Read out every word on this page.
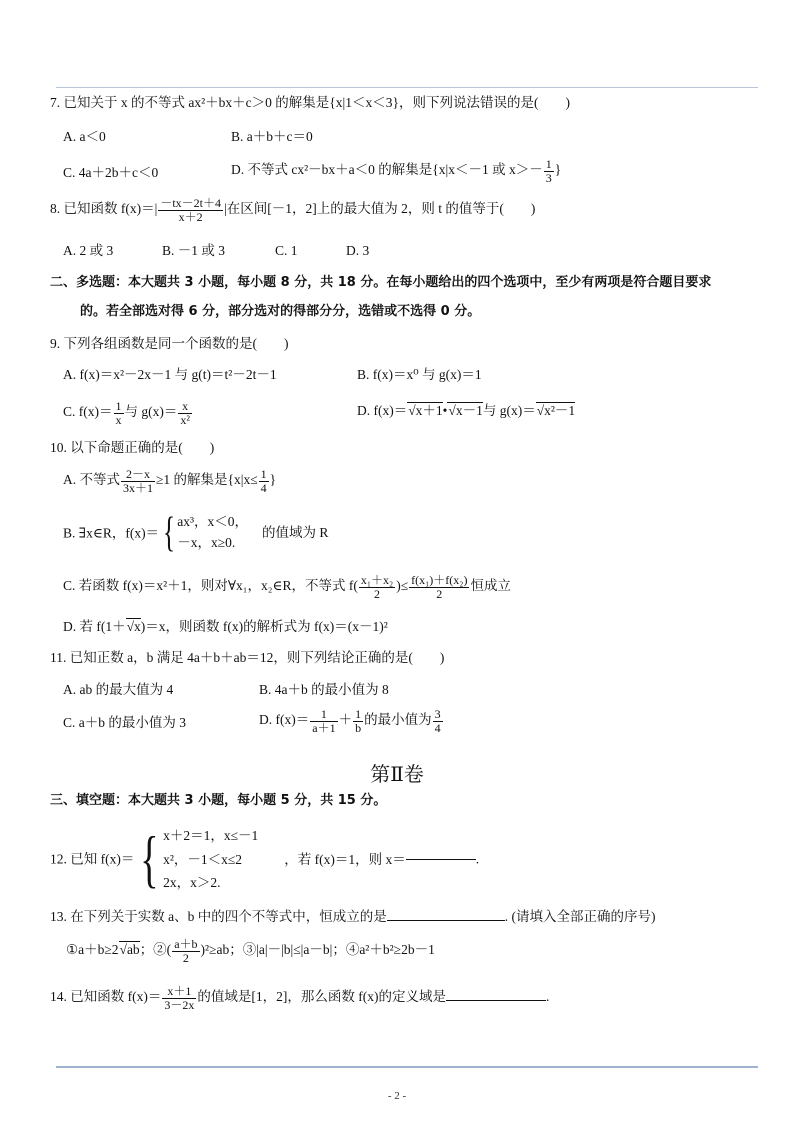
7. 已知关于 x 的不等式 ax²＋bx＋c＞0 的解集是{x|1＜x＜3}，则下列说法错误的是(　　)
A. a＜0	B. a＋b＋c＝0
C. 4a＋2b＋c＜0	D. 不等式 cx²－bx＋a＜0 的解集是{x|x＜－1 或 $x>- \frac{1}{3}$ }
8. 已知函数 $f(x)=| \frac{-tx-2t+4}{x+2}$ |在区间[－1，2]上的最大值为 2，则 t 的值等于(　　)
A. 2 或 3	B. －1 或 3	C. 1	D. 3
二、多选题：本大题共 3 小题，每小题 8 分，共 18 分。在每小题给出的四个选项中，至少有两项是符合题目要求
的。若全部选对得 6 分，部分选对的得部分分，选错或不选得 0 分。
9. 下列各组函数是同一个函数的是(　　)
A. f(x)＝x²－2x－1 与 g(t)＝t²－2t－1	B. f(x)＝x⁰ 与 g(x)＝1
C. $f(x)= \frac{1}{x}$ 与 $g(x)= \frac{x}{\text{x²}}$	D. f(x)＝ √ x＋1• √ x－1与 g(x)＝ √ x²－1
10. 以下命题正确的是(　　)
A. 不等式 $\frac{2-x}{3x+1} \ge 1$ 的解集是{$x|x\le \frac{1}{4}$ }
B. ∃x∈R，f(x)＝{ ax³，x＜0，
－x，x≥0.
的值域为 R
C. 若函数 f(x)＝x²＋1，则对∀x₁，x₂∈R，不等式 $f( \frac{\text{x₁＋x₂}}{2}$ )≤ $\frac{\text{f(x₁)＋f(x₂)}}{2}$ 恒成立
D. 若 f(1＋ √ x)＝x，则函数 f(x)的解析式为 f(x)＝(x－1)²
11. 已知正数 a，b 满足 4a＋b＋ab＝12，则下列结论正确的是(　　)
A. ab 的最大值为 4	B. 4a＋b 的最小值为 8
C. a＋b 的最小值为 3	D. $f(x)= \frac{1}{a+1} + \frac{1}{b}$ 的最小值为 $\frac{3}{4}$
第Ⅱ卷
三、填空题：本大题共 3 小题，每小题 5 分，共 15 分。
12. 已知 f(x)＝{ x＋2＝1，x≤－1
x²，－1＜x≤2
2x，x＞2.
，若 f(x)＝1，则 x＝	.
13. 在下列关于实数 a、b 中的四个不等式中，恒成立的是	. (请填入全部正确的序号)
①a＋b≥2 √ ab；②( $\frac{a+b}{2} )^2\ge ab$；③|a|－|b|≤|a－b|；④a²＋b²≥2b－1
14. 已知函数 $f(x)= \frac{x+1}{3-2x}$ 的值域是[1，2]，那么函数 f(x)的定义域是	.
- 2 -
